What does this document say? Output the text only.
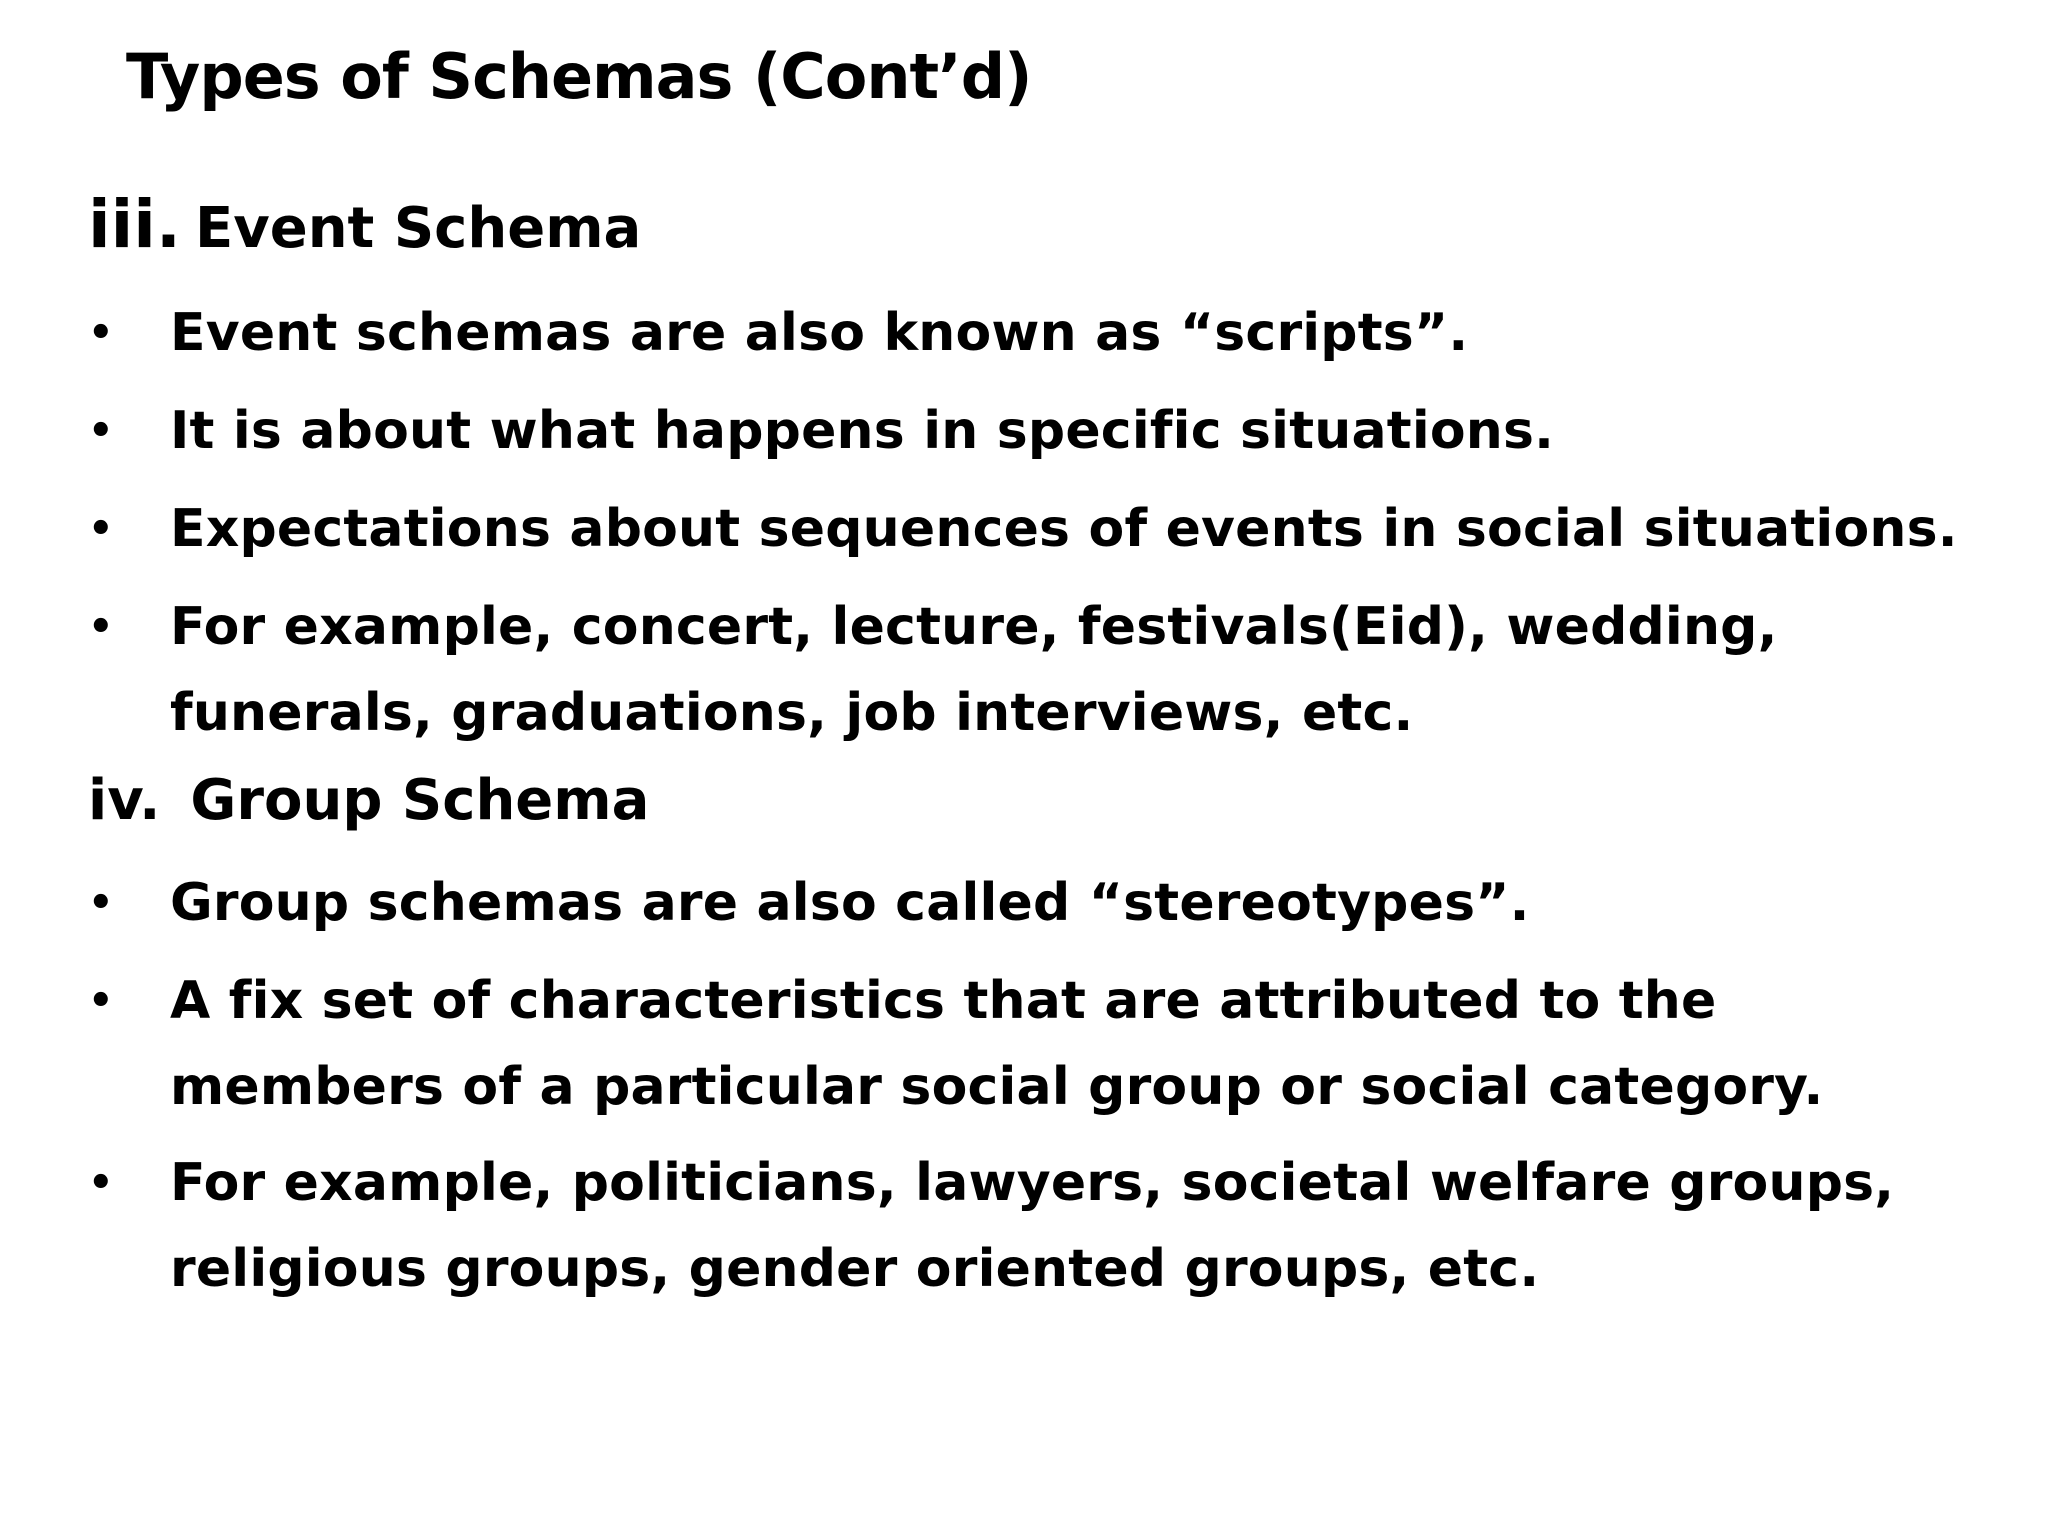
Types of Schemas (Cont’d)
iii. Event Schema
• Event schemas are also known as “scripts”.
• It is about what happens in specific situations.
• Expectations about sequences of events in social situations.
• For example, concert, lecture, festivals(Eid), wedding,
funerals, graduations, job interviews, etc.
iv. Group Schema
• Group schemas are also called “stereotypes”.
• A fix set of characteristics that are attributed to the
members of a particular social group or social category.
• For example, politicians, lawyers, societal welfare groups,
religious groups, gender oriented groups, etc.
